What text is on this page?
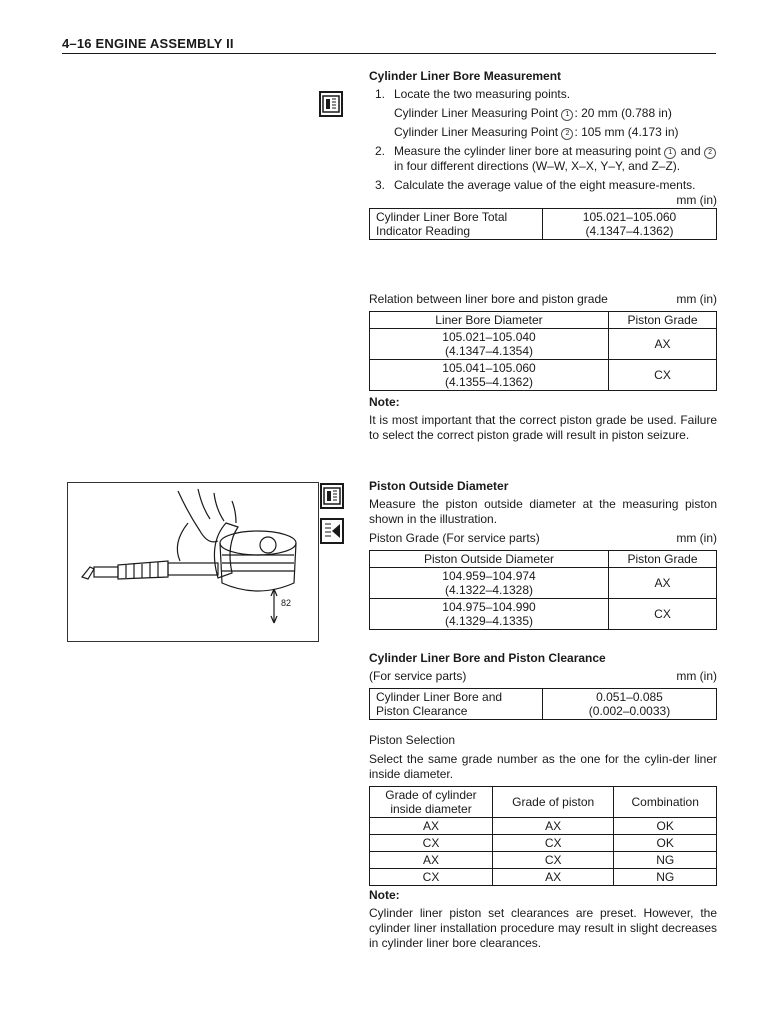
4–16 ENGINE ASSEMBLY II
82
Cylinder Liner Bore Measurement
1. Locate the two measuring points.
Cylinder Liner Measuring Point 1 : 20 mm (0.788 in)
Cylinder Liner Measuring Point 2 : 105 mm (4.173 in)
2. Measure the cylinder liner bore at measuring point 1 and 2 in four different directions (W–W, X–X, Y–Y, and Z–Z).
3. Calculate the average value of the eight measure-ments.
mm (in)
Cylinder Liner Bore Total Indicator Reading	
105.021–105.060
(4.1347–4.1362)
Relation between liner bore and piston grade	mm (in)
Liner Bore Diameter	Piston Grade

105.021–105.040
(4.1347–4.1354)	AX

105.041–105.060
(4.1355–4.1362)	CX
Note:
It is most important that the correct piston grade be used. Failure to select the correct piston grade will result in piston seizure.
Piston Outside Diameter
Measure the piston outside diameter at the measuring piston shown in the illustration.
Piston Grade (For service parts)	mm (in)
Piston Outside Diameter	Piston Grade

104.959–104.974
(4.1322–4.1328)	AX

104.975–104.990
(4.1329–4.1335)	CX
Cylinder Liner Bore and Piston Clearance
(For service parts)	mm (in)
Cylinder Liner Bore and Piston Clearance	
0.051–0.085
(0.002–0.0033)
Piston Selection
Select the same grade number as the one for the cylin-der liner inside diameter.
Grade of cylinder inside diameter	Grade of piston	Combination
AX	AX	OK
CX	CX	OK
AX	CX	NG
CX	AX	NG
Note:
Cylinder liner piston set clearances are preset. However, the cylinder liner installation procedure may result in slight decreases in cylinder liner bore clearances.
